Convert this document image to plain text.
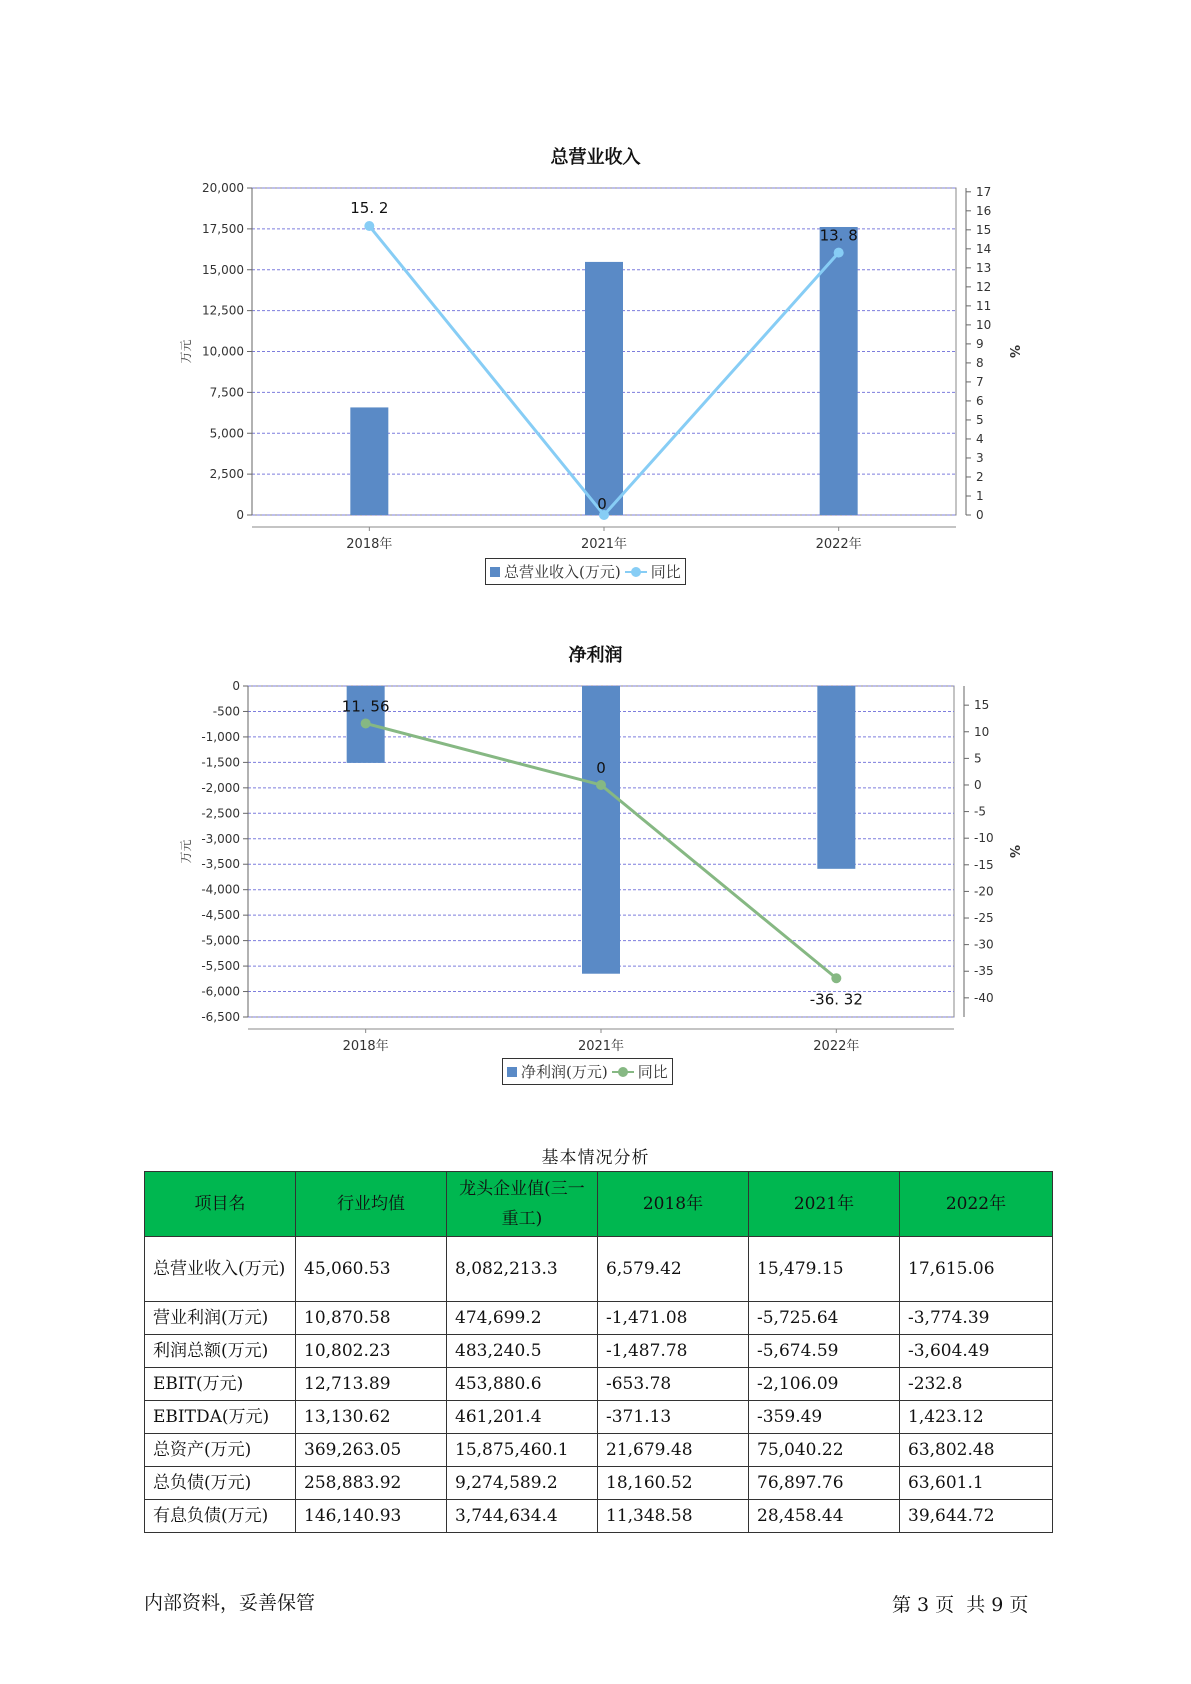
总营业收入
0
2,500
5,000
7,500
10,000
12,500
15,000
17,500
20,000
0
1
2
3
4
5
6
7
8
9
10
11
12
13
14
15
16
17
万元	%
2018年	2021年	2022年
15. 2
0
13. 8
总营业收入(万元) 同比
净利润
0
-500
-1,000
-1,500
-2,000
-2,500
-3,000
-3,500
-4,000
-4,500
-5,000
-5,500
-6,000
-6,500
15
10
5
0
-5
-10
-15
-20
-25
-30
-35
-40
万元	%
2018年	2021年	2022年
11. 56
0
-36. 32
净利润(万元) 同比
基本情况分析
项目名	行业均值	龙头企业值(三一重工)	2018年	2021年	2022年
总营业收入(万元)	45,060.53	8,082,213.3	6,579.42	15,479.15	17,615.06
营业利润(万元)	10,870.58	474,699.2	-1,471.08	-5,725.64	-3,774.39
利润总额(万元)	10,802.23	483,240.5	-1,487.78	-5,674.59	-3,604.49
EBIT(万元)	12,713.89	453,880.6	-653.78	-2,106.09	-232.8
EBITDA(万元)	13,130.62	461,201.4	-371.13	-359.49	1,423.12
总资产(万元)	369,263.05	15,875,460.1	21,679.48	75,040.22	63,802.48
总负债(万元)	258,883.92	9,274,589.2	18,160.52	76,897.76	63,601.1
有息负债(万元)	146,140.93	3,744,634.4	11,348.58	28,458.44	39,644.72
内部资料，妥善保管	第 3 页  共 9 页
